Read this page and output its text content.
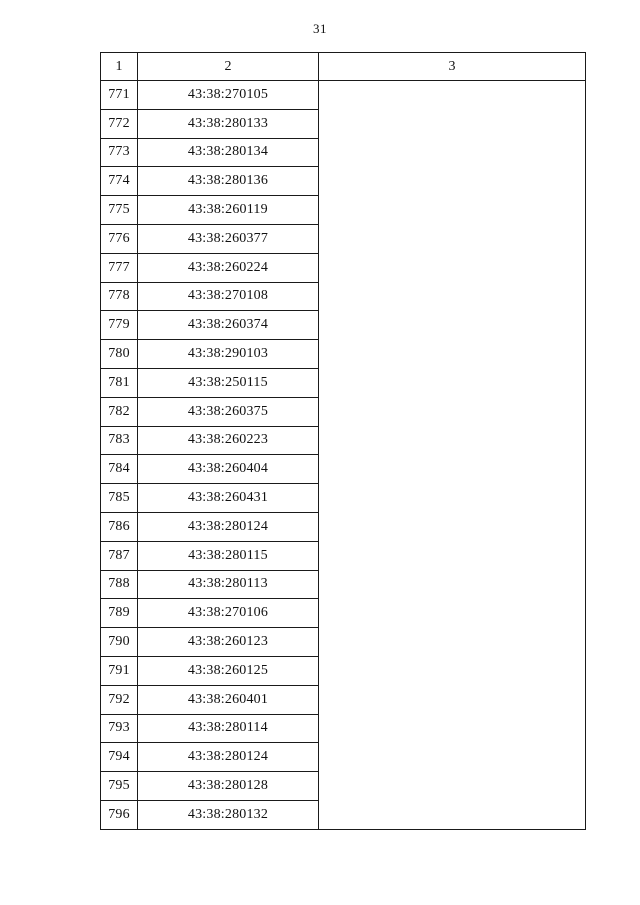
31
1	2	3
771	43:38:270105	
772	43:38:280133	
773	43:38:280134	
774	43:38:280136	
775	43:38:260119	
776	43:38:260377	
777	43:38:260224	
778	43:38:270108	
779	43:38:260374	
780	43:38:290103	
781	43:38:250115	
782	43:38:260375	
783	43:38:260223	
784	43:38:260404	
785	43:38:260431	
786	43:38:280124	
787	43:38:280115	
788	43:38:280113	
789	43:38:270106	
790	43:38:260123	
791	43:38:260125	
792	43:38:260401	
793	43:38:280114	
794	43:38:280124	
795	43:38:280128	
796	43:38:280132	
